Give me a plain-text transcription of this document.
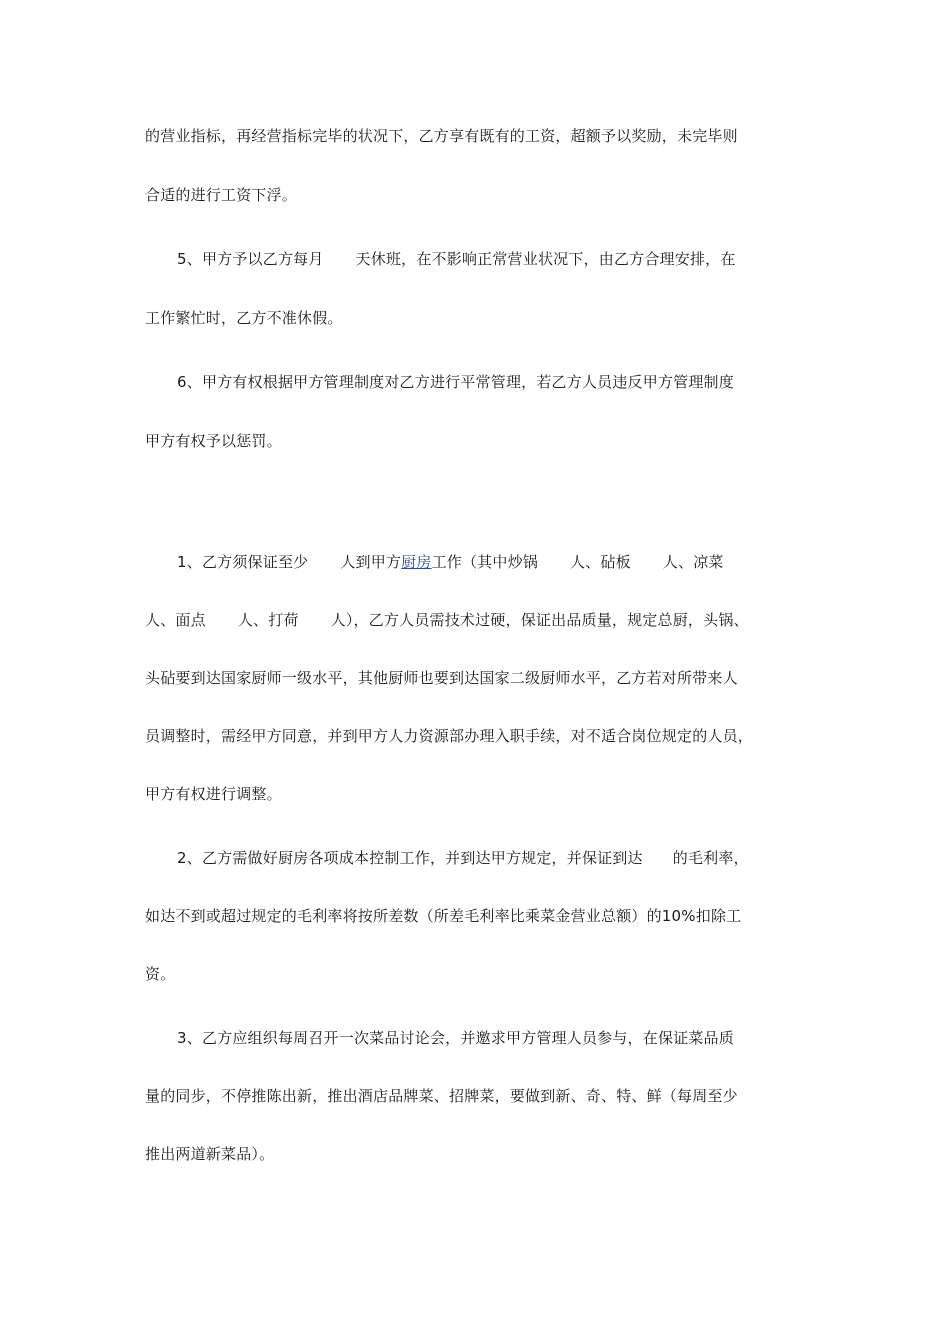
的营业指标，再经营指标完毕的状况下，乙方享有既有的工资，超额予以奖励，未完毕则
合适的进行工资下浮。
5、甲方予以乙方每月 天休班，在不影响正常营业状况下，由乙方合理安排，在
工作繁忙时，乙方不准休假。
6、甲方有权根据甲方管理制度对乙方进行平常管理，若乙方人员违反甲方管理制度
甲方有权予以惩罚。
1、乙方须保证至少 人到甲方厨房工作（其中炒锅 人、砧板 人、凉菜
人、面点 人、打荷 人），乙方人员需技术过硬，保证出品质量，规定总厨，头锅、
头砧要到达国家厨师一级水平，其他厨师也要到达国家二级厨师水平，乙方若对所带来人
员调整时，需经甲方同意，并到甲方人力资源部办理入职手续，对不适合岗位规定的人员，
甲方有权进行调整。
2、乙方需做好厨房各项成本控制工作，并到达甲方规定，并保证到达 的毛利率，
如达不到或超过规定的毛利率将按所差数（所差毛利率比乘菜金营业总额）的10%扣除工
资。
3、乙方应组织每周召开一次菜品讨论会，并邀求甲方管理人员参与，在保证菜品质
量的同步，不停推陈出新，推出酒店品牌菜、招牌菜，要做到新、奇、特、鲜（每周至少
推出两道新菜品）。
